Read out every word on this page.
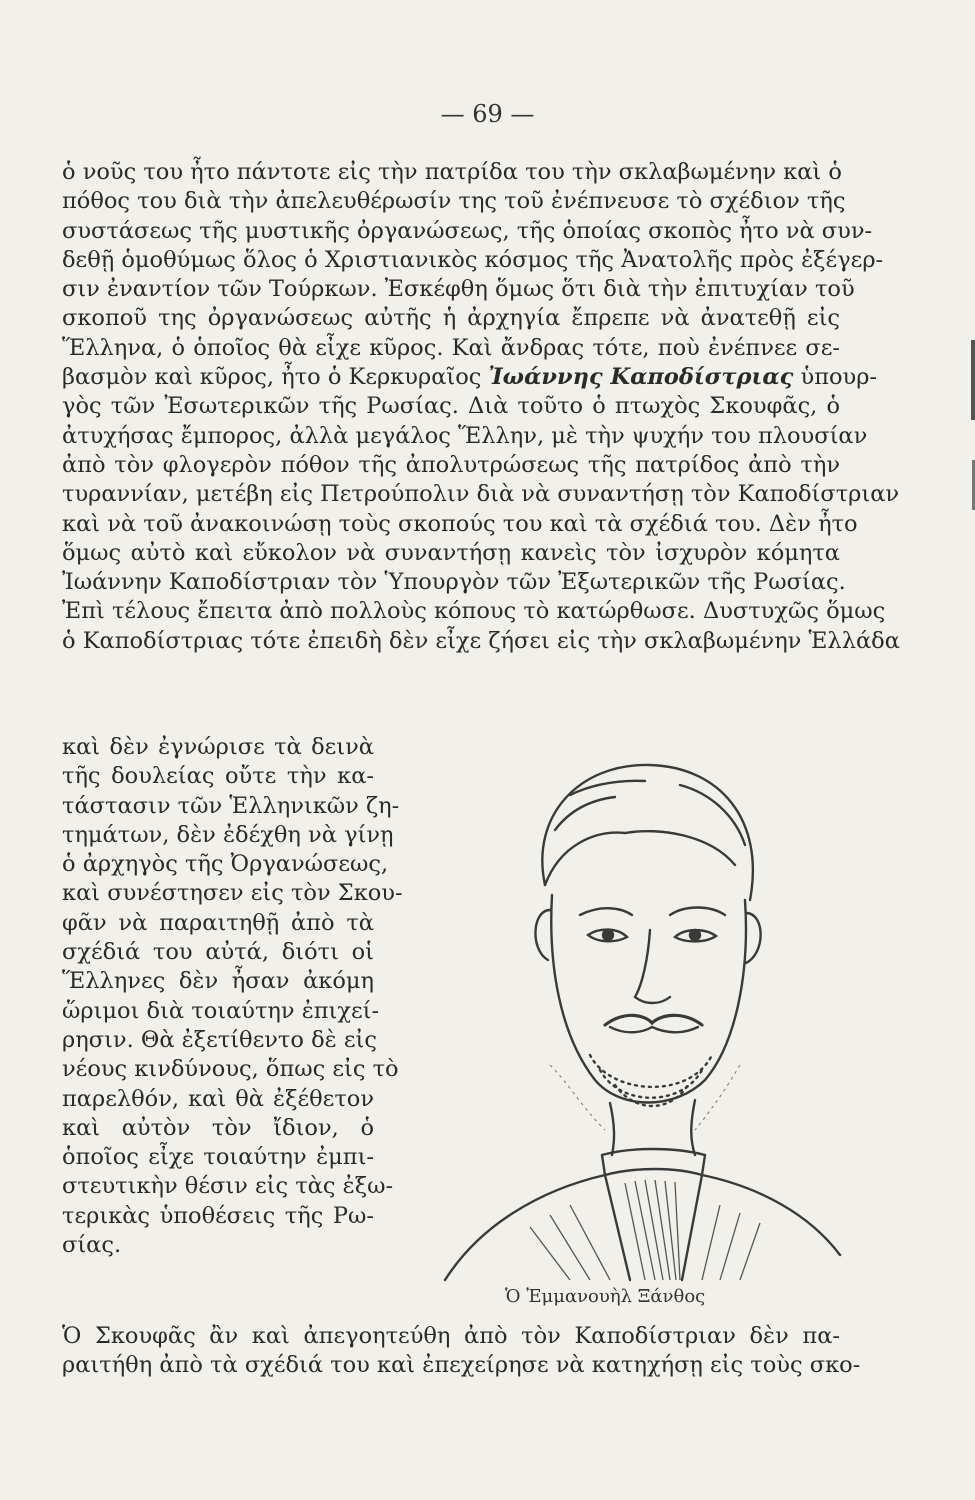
— 69 —
ὁ νοῦς του ἦτο πάντοτε εἰς τὴν πατρίδα του τὴν σκλαβωμένην καὶ ὁ
πόθος του διὰ τὴν ἀπελευθέρωσίν της τοῦ ἐνέπνευσε τὸ σχέδιον τῆς
συστάσεως τῆς μυστικῆς ὀργανώσεως, τῆς ὁποίας σκοπὸς ἦτο νὰ συν-
δεθῇ ὁμοθύμως ὅλος ὁ Χριστιανικὸς κόσμος τῆς Ἀνατολῆς πρὸς ἐξέγερ-
σιν ἐναντίον τῶν Τούρκων. Ἐσκέφθη ὅμως ὅτι διὰ τὴν ἐπιτυχίαν τοῦ
σκοποῦ της ὀργανώσεως αὐτῆς ἡ ἀρχηγία ἔπρεπε νὰ ἀνατεθῇ εἰς
Ἕλληνα, ὁ ὁποῖος θὰ εἶχε κῦρος. Καὶ ἄνδρας τότε, ποὺ ἐνέπνεε σε-
βασμὸν καὶ κῦρος, ἦτο ὁ Κερκυραῖος Ἰωάννης Καποδίστριας ὑπουρ-
γὸς τῶν Ἐσωτερικῶν τῆς Ρωσίας. Διὰ τοῦτο ὁ πτωχὸς Σκουφᾶς, ὁ
ἀτυχήσας ἔμπορος, ἀλλὰ μεγάλος Ἕλλην, μὲ τὴν ψυχήν του πλουσίαν
ἀπὸ τὸν φλογερὸν πόθον τῆς ἀπολυτρώσεως τῆς πατρίδος ἀπὸ τὴν
τυραννίαν, μετέβη εἰς Πετρούπολιν διὰ νὰ συναντήσῃ τὸν Καποδίστριαν
καὶ νὰ τοῦ ἀνακοινώσῃ τοὺς σκοπούς του καὶ τὰ σχέδιά του. Δὲν ἦτο
ὅμως αὐτὸ καὶ εὔκολον νὰ συναντήσῃ κανεὶς τὸν ἰσχυρὸν κόμητα
Ἰωάννην Καποδίστριαν τὸν Ὑπουργὸν τῶν Ἐξωτερικῶν τῆς Ρωσίας.
Ἐπὶ τέλους ἔπειτα ἀπὸ πολλοὺς κόπους τὸ κατώρθωσε. Δυστυχῶς ὅμως
ὁ Καποδίστριας τότε ἐπειδὴ δὲν εἶχε ζήσει εἰς τὴν σκλαβωμένην Ἑλλάδα
καὶ δὲν ἐγνώρισε τὰ δεινὰ
τῆς δουλείας οὔτε τὴν κα-
τάστασιν τῶν Ἑλληνικῶν ζη-
τημάτων, δὲν ἐδέχθη νὰ γίνῃ
ὁ ἀρχηγὸς τῆς Ὀργανώσεως,
καὶ συνέστησεν εἰς τὸν Σκου-
φᾶν νὰ παραιτηθῇ ἀπὸ τὰ
σχέδιά του αὐτά, διότι οἱ
Ἕλληνες δὲν ἦσαν ἀκόμη
ὥριμοι διὰ τοιαύτην ἐπιχεί-
ρησιν. Θὰ ἐξετίθεντο δὲ εἰς
νέους κινδύνους, ὅπως εἰς τὸ
παρελθόν, καὶ θὰ ἐξέθετον
καὶ αὐτὸν τὸν ἴδιον, ὁ
ὁποῖος εἶχε τοιαύτην ἐμπι-
στευτικὴν θέσιν εἰς τὰς ἐξω-
τερικὰς ὑποθέσεις τῆς Ρω-
σίας.
Ὁ Ἐμμανουὴλ Ξάνθος
Ὁ Σκουφᾶς ἂν καὶ ἀπεγοητεύθη ἀπὸ τὸν Καποδίστριαν δὲν πα-
ραιτήθη ἀπὸ τὰ σχέδιά του καὶ ἐπεχείρησε νὰ κατηχήσῃ εἰς τοὺς σκο-
